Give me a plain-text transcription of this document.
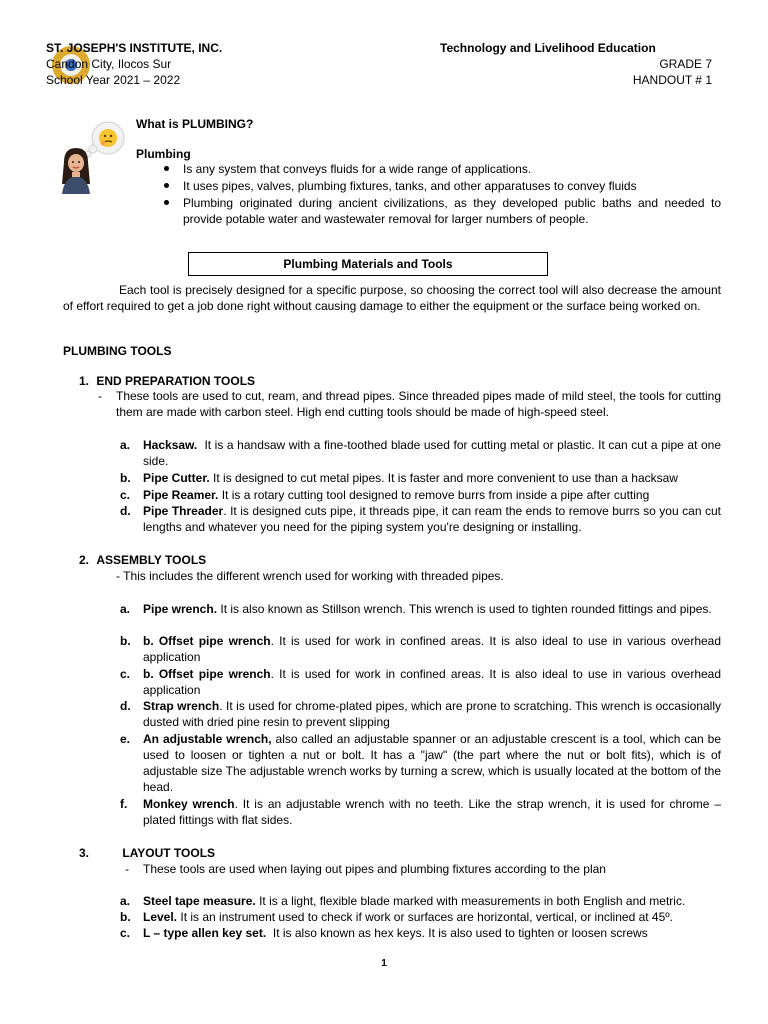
ST. JOSEPH'S INSTITUTE, INC.
Candon City, Ilocos Sur
School Year 2021 – 2022
Technology and Livelihood Education
GRADE 7
HANDOUT # 1
What is PLUMBING?
Plumbing
Is any system that conveys fluids for a wide range of applications.
It uses pipes, valves, plumbing fixtures, tanks, and other apparatuses to convey fluids
Plumbing originated during ancient civilizations, as they developed public baths and needed to provide potable water and wastewater removal for larger numbers of people.
Plumbing Materials and Tools
Each tool is precisely designed for a specific purpose, so choosing the correct tool will also decrease the amount of effort required to get a job done right without causing damage to either the equipment or the surface being worked on.
PLUMBING TOOLS
1. END PREPARATION TOOLS
- These tools are used to cut, ream, and thread pipes. Since threaded pipes made of mild steel, the tools for cutting them are made with carbon steel. High end cutting tools should be made of high-speed steel.
a.	Hacksaw. It is a handsaw with a fine-toothed blade used for cutting metal or plastic. It can cut a pipe at one side.
b.	Pipe Cutter. It is designed to cut metal pipes. It is faster and more convenient to use than a hacksaw
c.	Pipe Reamer. It is a rotary cutting tool designed to remove burrs from inside a pipe after cutting
d.	Pipe Threader. It is designed cuts pipe, it threads pipe, it can ream the ends to remove burrs so you can cut lengths and whatever you need for the piping system you're designing or installing.
2. ASSEMBLY TOOLS
- This includes the different wrench used for working with threaded pipes.
a.	Pipe wrench. It is also known as Stillson wrench. This wrench is used to tighten rounded fittings and pipes.
b.	b. Offset pipe wrench. It is used for work in confined areas. It is also ideal to use in various overhead application
c.	b. Offset pipe wrench. It is used for work in confined areas. It is also ideal to use in various overhead application
d.	Strap wrench. It is used for chrome-plated pipes, which are prone to scratching. This wrench is occasionally dusted with dried pine resin to prevent slipping
e.	An adjustable wrench, also called an adjustable spanner or an adjustable crescent is a tool, which can be used to loosen or tighten a nut or bolt. It has a "jaw" (the part where the nut or bolt fits), which is of adjustable size The adjustable wrench works by turning a screw, which is usually located at the bottom of the head.
f.	Monkey wrench. It is an adjustable wrench with no teeth. Like the strap wrench, it is used for chrome – plated fittings with flat sides.
3.	LAYOUT TOOLS
- These tools are used when laying out pipes and plumbing fixtures according to the plan
a.	Steel tape measure. It is a light, flexible blade marked with measurements in both English and metric.
b.	Level. It is an instrument used to check if work or surfaces are horizontal, vertical, or inclined at 45º.
c.	L – type allen key set. It is also known as hex keys. It is also used to tighten or loosen screws
1
